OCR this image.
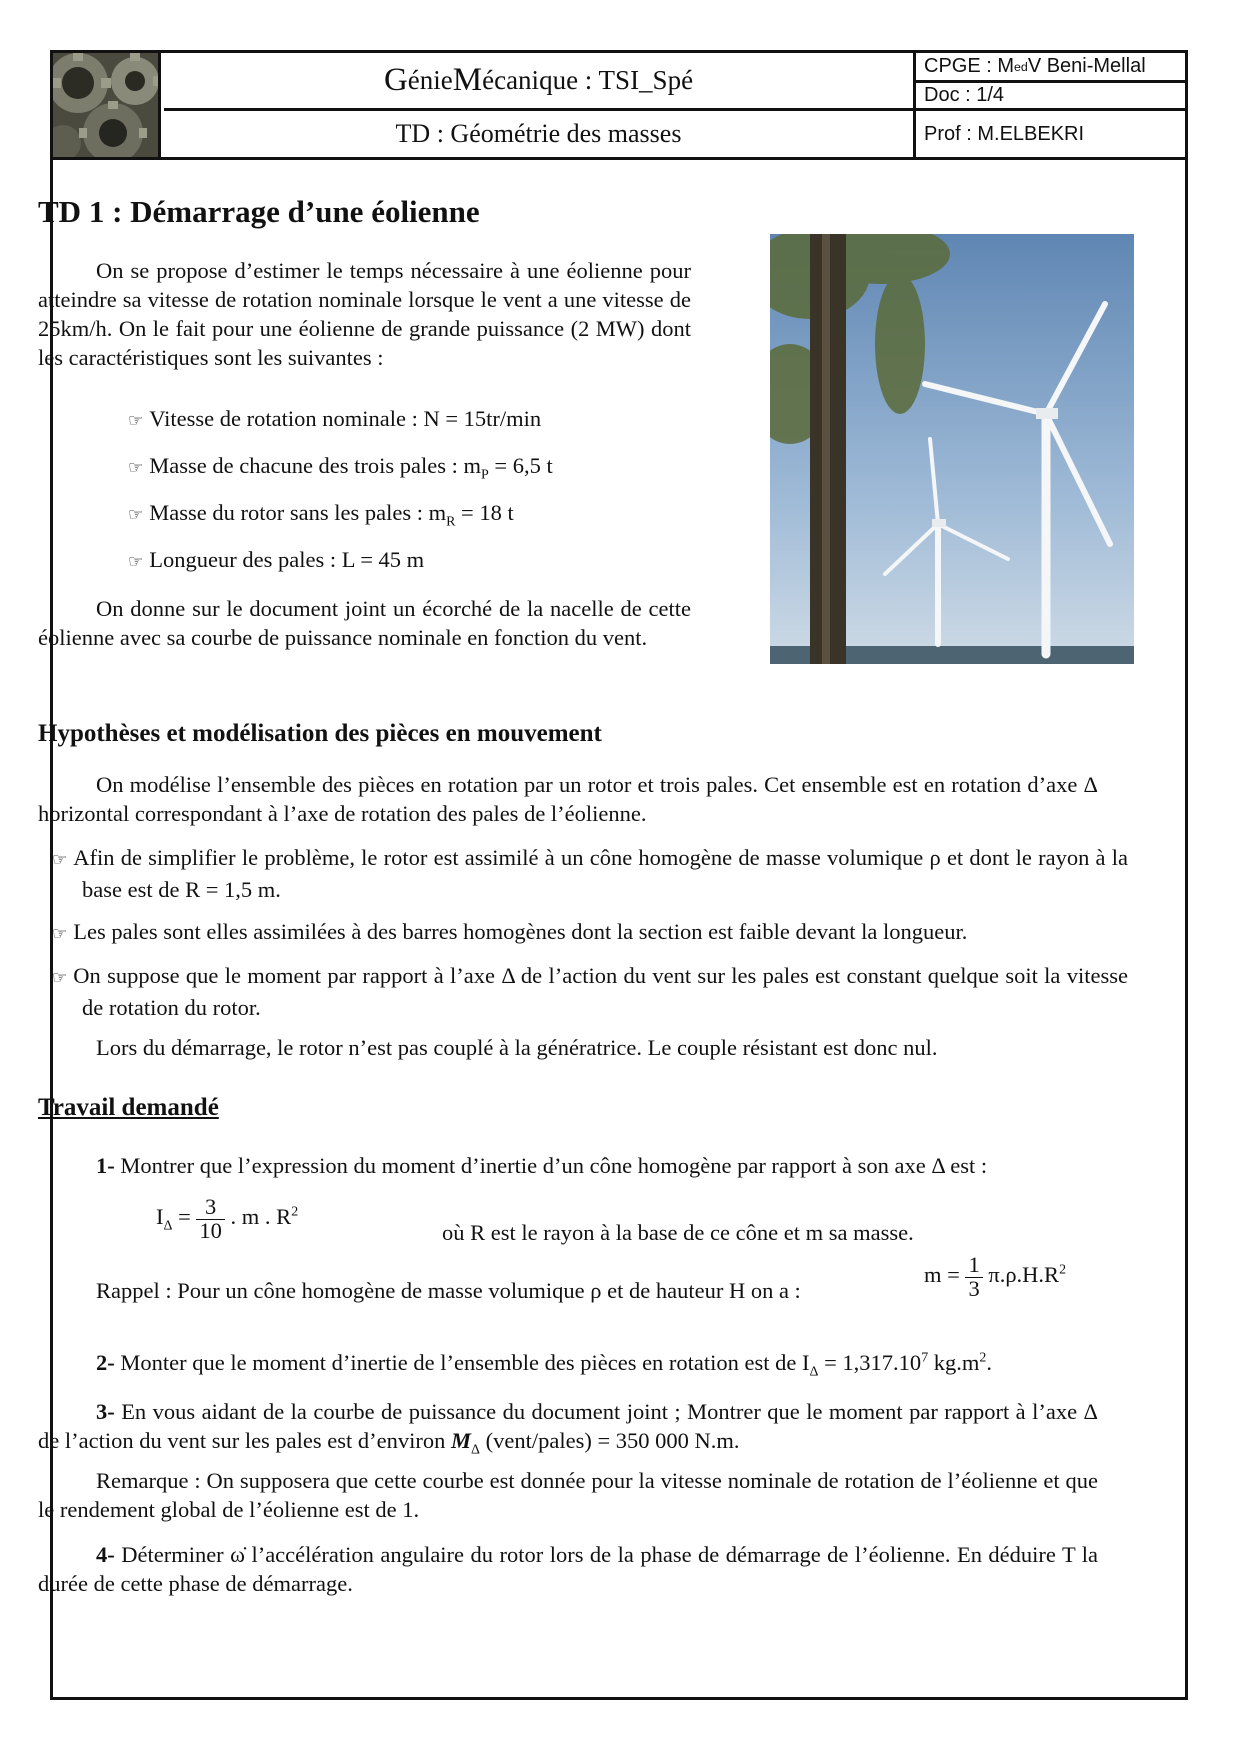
G énie M écanique : TSI_Spé
TD : Géométrie des masses
CPGE : M ed V Beni-Mellal
Doc : 1/4
Prof : M.ELBEKRI
TD 1 : Démarrage d’une éolienne

On se propose d’estimer le temps nécessaire à une éolienne pour atteindre sa vitesse de rotation nominale lorsque le vent a une vitesse de 25km/h. On le fait pour une éolienne de grande puissance (2 MW) dont les caractéristiques sont les suivantes :

☞ Vitesse de rotation nominale : N = 15tr/min
☞ Masse de chacune des trois pales : $m_P = 6,5$ t
☞ Masse du rotor sans les pales : $m_R = 18$ t
☞ Longueur des pales : L = 45 m

On donne sur le document joint un écorché de la nacelle de cette éolienne avec sa courbe de puissance nominale en fonction du vent.

Hypothèses et modélisation des pièces en mouvement

On modélise l’ensemble des pièces en rotation par un rotor et trois pales. Cet ensemble est en rotation d’axe Δ horizontal correspondant à l’axe de rotation des pales de l’éolienne.

☞ Afin de simplifier le problème, le rotor est assimilé à un cône homogène de masse volumique ρ et dont le rayon à la base est de R = 1,5 m.
☞ Les pales sont elles assimilées à des barres homogènes dont la section est faible devant la longueur.
☞ On suppose que le moment par rapport à l’axe Δ de l’action du vent sur les pales est constant quelque soit la vitesse de rotation du rotor.

Lors du démarrage, le rotor n’est pas couplé à la génératrice. Le couple résistant est donc nul.

Travail demandé
1- Montrer que l’expression du moment d’inertie d’un cône homogène par rapport à son axe Δ est :
$I_\Delta = \frac{3}{10}$ . m . $R^2$

où R est le rayon à la base de ce cône et m sa masse.

Rappel : Pour un cône homogène de masse volumique ρ et de hauteur H on a :

$m = \frac{1}{3} \pi.\rho.H.R^2$
2- Monter que le moment d’inertie de l’ensemble des pièces en rotation est de $I_\Delta = 1,317.10^7$ $kg.m^2$.
3- En vous aidant de la courbe de puissance du document joint ; Montrer que le moment par rapport à l’axe Δ de l’action du vent sur les pales est d’environ $M_\Delta$ (vent/pales) = 350 000 N.m.

Remarque : On supposera que cette courbe est donnée pour la vitesse nominale de rotation de l’éolienne et que le rendement global de l’éolienne est de 1.

4- Déterminer ω̇ l’accélération angulaire du rotor lors de la phase de démarrage de l’éolienne. En déduire T la durée de cette phase de démarrage.
